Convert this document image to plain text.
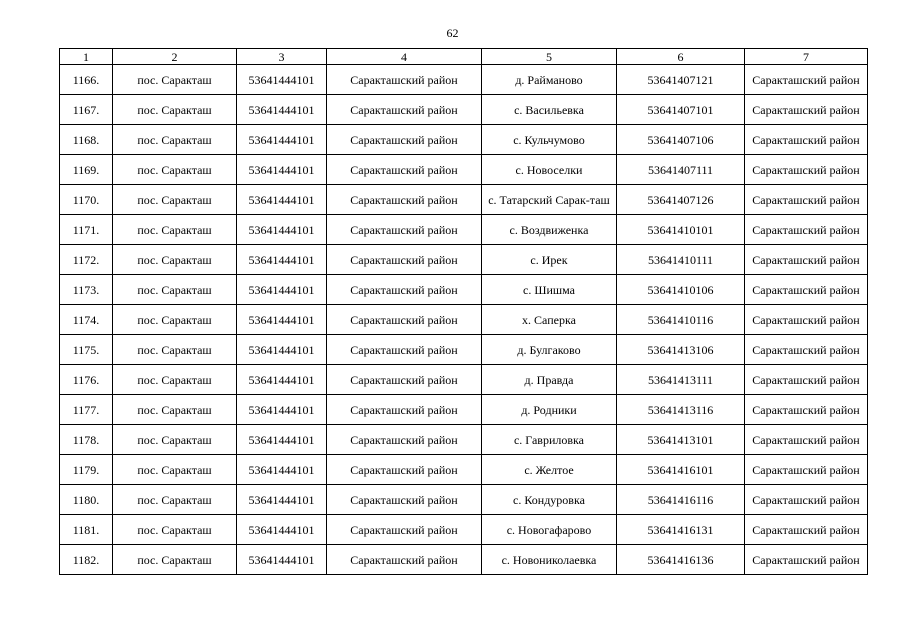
62
1	2	3	4	5	6	7
1166.	пос. Саракташ	53641444101	Саракташский район	д. Райманово	53641407121	Саракташский район
1167.	пос. Саракташ	53641444101	Саракташский район	с. Васильевка	53641407101	Саракташский район
1168.	пос. Саракташ	53641444101	Саракташский район	с. Кульчумово	53641407106	Саракташский район
1169.	пос. Саракташ	53641444101	Саракташский район	с. Новоселки	53641407111	Саракташский район
1170.	пос. Саракташ	53641444101	Саракташский район	с. Татарский Сарак-таш	53641407126	Саракташский район
1171.	пос. Саракташ	53641444101	Саракташский район	с. Воздвиженка	53641410101	Саракташский район
1172.	пос. Саракташ	53641444101	Саракташский район	с. Ирек	53641410111	Саракташский район
1173.	пос. Саракташ	53641444101	Саракташский район	с. Шишма	53641410106	Саракташский район
1174.	пос. Саракташ	53641444101	Саракташский район	х. Саперка	53641410116	Саракташский район
1175.	пос. Саракташ	53641444101	Саракташский район	д. Булгаково	53641413106	Саракташский район
1176.	пос. Саракташ	53641444101	Саракташский район	д. Правда	53641413111	Саракташский район
1177.	пос. Саракташ	53641444101	Саракташский район	д. Родники	53641413116	Саракташский район
1178.	пос. Саракташ	53641444101	Саракташский район	с. Гавриловка	53641413101	Саракташский район
1179.	пос. Саракташ	53641444101	Саракташский район	с. Желтое	53641416101	Саракташский район
1180.	пос. Саракташ	53641444101	Саракташский район	с. Кондуровка	53641416116	Саракташский район
1181.	пос. Саракташ	53641444101	Саракташский район	с. Новогафарово	53641416131	Саракташский район
1182.	пос. Саракташ	53641444101	Саракташский район	с. Новониколаевка	53641416136	Саракташский район
